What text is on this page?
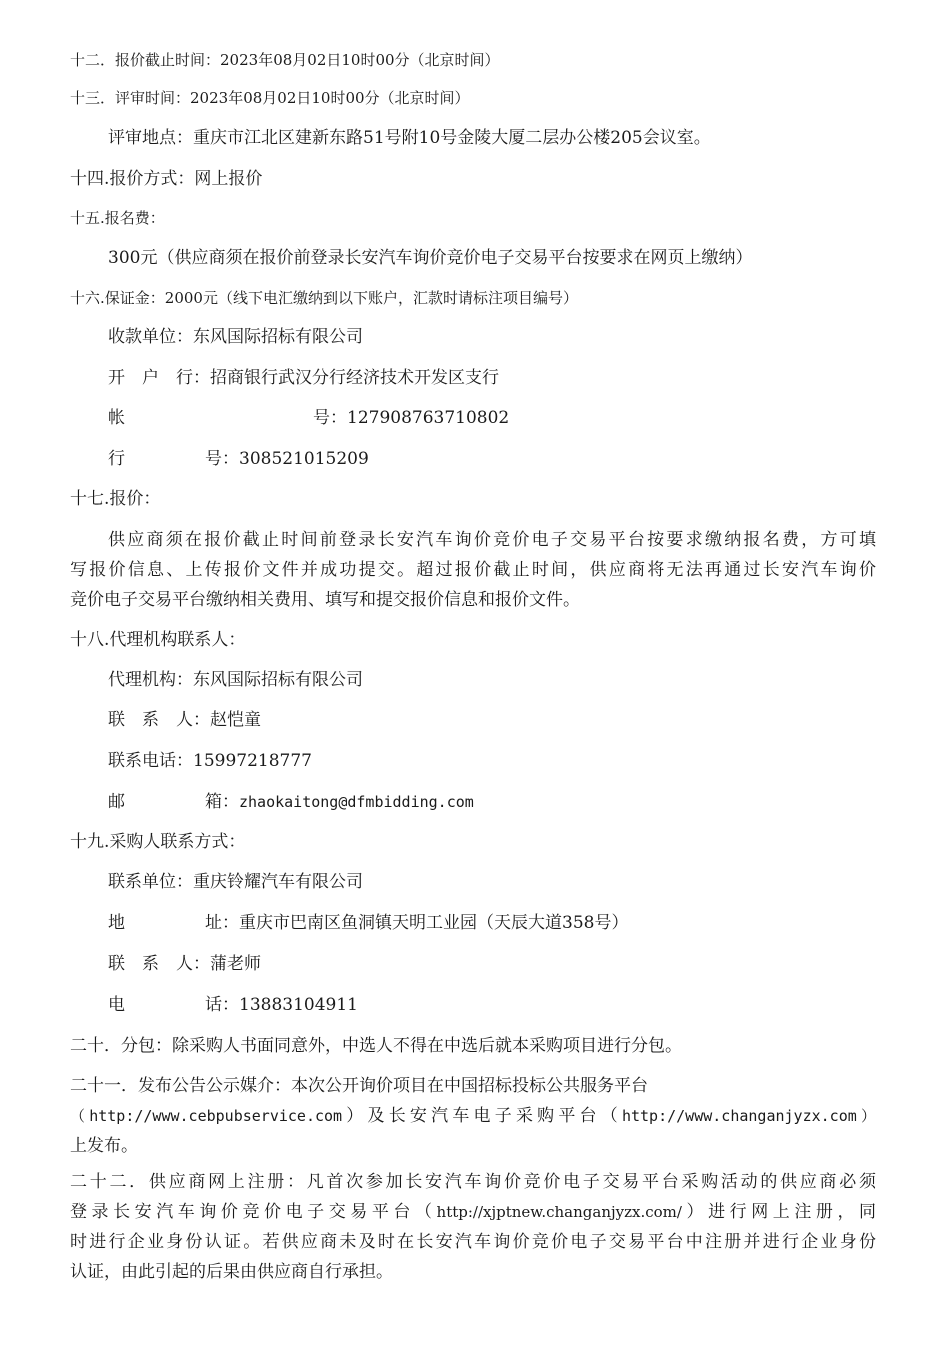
十二．报价截止时间：2023年08月02日10时00分（北京时间）
十三．评审时间：2023年08月02日10时00分（北京时间）
评审地点：重庆市江北区建新东路51号附10号金陵大厦二层办公楼205会议室。
十四.报价方式：网上报价
十五.报名费：
300元（供应商须在报价前登录长安汽车询价竞价电子交易平台按要求在网页上缴纳）
十六.保证金：2000元（线下电汇缴纳到以下账户，汇款时请标注项目编号）
收款单位：东风国际招标有限公司
开　户　行：招商银行武汉分行经济技术开发区支行
帐	号：127908763710802
行	号：308521015209
十七.报价：
供应商须在报价截止时间前登录长安汽车询价竞价电子交易平台按要求缴纳报名费，方可填
写报价信息、上传报价文件并成功提交。超过报价截止时间，供应商将无法再通过长安汽车询价
竞价电子交易平台缴纳相关费用、填写和提交报价信息和报价文件。
十八.代理机构联系人：
代理机构：东风国际招标有限公司
联　系　人：赵恺童
联系电话：15997218777
邮	箱：zhaokaitong@dfmbidding.com
十九.采购人联系方式：
联系单位：重庆铃耀汽车有限公司
地	址：重庆市巴南区鱼洞镇天明工业园（天辰大道358号）
联　系　人：蒲老师
电	话：13883104911
二十．分包：除采购人书面同意外，中选人不得在中选后就本采购项目进行分包。
二十一．发布公告公示媒介：本次公开询价项目在中国招标投标公共服务平台
（http://www.cebpubservice.com）及长安汽车电子采购平台（http://www.changanjyzx.com）
上发布。
二十二．供应商网上注册：凡首次参加长安汽车询价竞价电子交易平台采购活动的供应商必须
登录长安汽车询价竞价电子交易平台（http://xjptnew.changanjyzx.com/）进行网上注册，同
时进行企业身份认证。若供应商未及时在长安汽车询价竞价电子交易平台中注册并进行企业身份
认证，由此引起的后果由供应商自行承担。
